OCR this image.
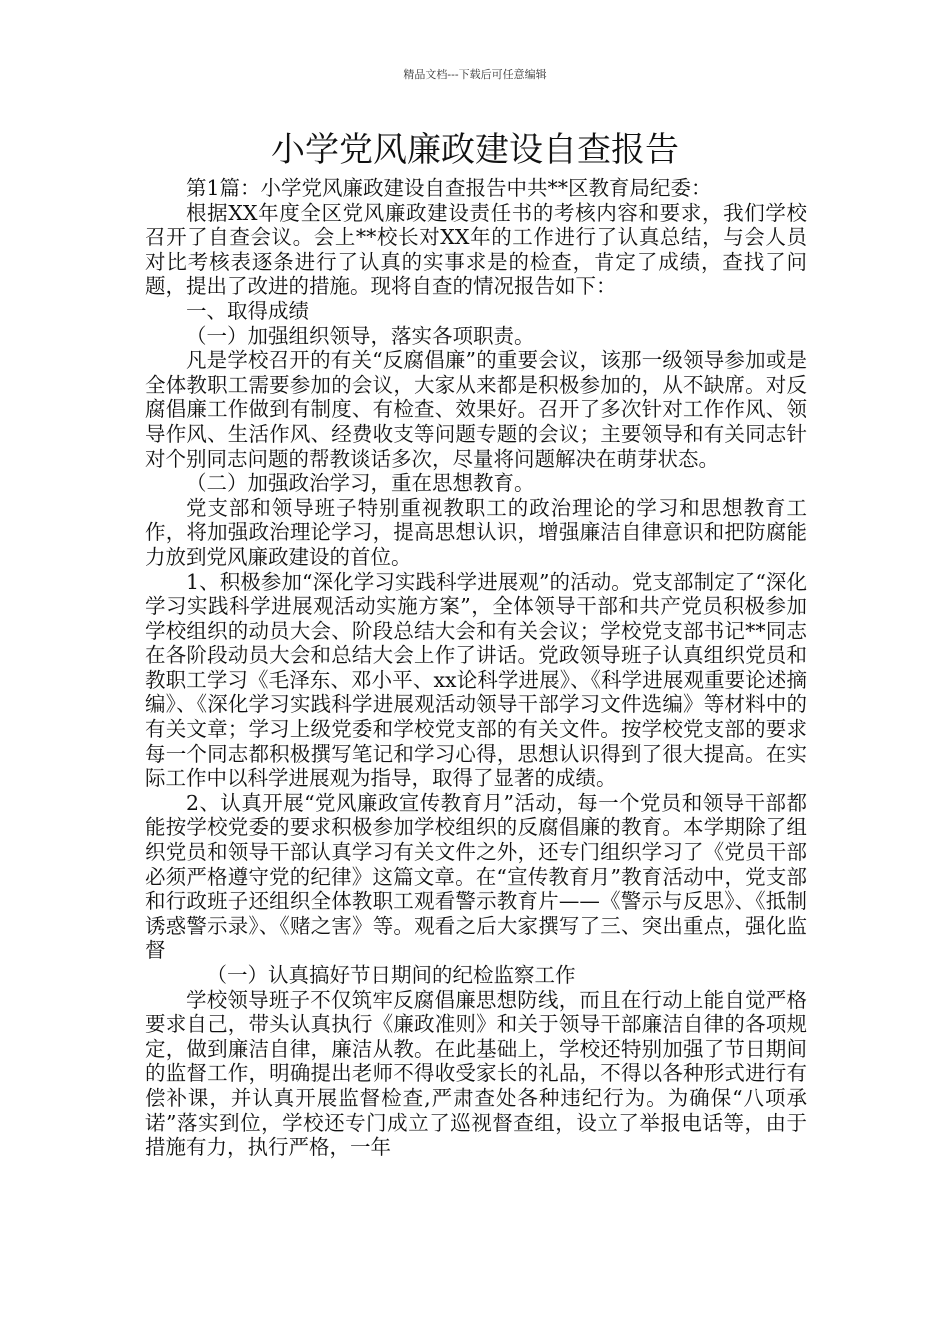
精品文档---下载后可任意编辑
小学党风廉政建设自查报告

第1篇：小学党风廉政建设自查报告中共**区教育局纪委：

根据XX年度全区党风廉政建设责任书的考核内容和要求，我们学校召开了自查会议。会上**校长对XX年的工作进行了认真总结，与会人员对比考核表逐条进行了认真的实事求是的检查，肯定了成绩，查找了问题，提出了改进的措施。现将自查的情况报告如下：

一、取得成绩

（一）加强组织领导，落实各项职责。

凡是学校召开的有关“反腐倡廉”的重要会议，该那一级领导参加或是全体教职工需要参加的会议，大家从来都是积极参加的，从不缺席。对反腐倡廉工作做到有制度、有检查、效果好。召开了多次针对工作作风、领导作风、生活作风、经费收支等问题专题的会议；主要领导和有关同志针对个别同志问题的帮教谈话多次，尽量将问题解决在萌芽状态。

（二）加强政治学习，重在思想教育。

党支部和领导班子特别重视教职工的政治理论的学习和思想教育工作，将加强政治理论学习，提高思想认识，增强廉洁自律意识和把防腐能力放到党风廉政建设的首位。

1、积极参加“深化学习实践科学进展观”的活动。党支部制定了“深化学习实践科学进展观活动实施方案”，全体领导干部和共产党员积极参加学校组织的动员大会、阶段总结大会和有关会议；学校党支部书记**同志在各阶段动员大会和总结大会上作了讲话。党政领导班子认真组织党员和教职工学习《毛泽东、邓小平、xx论科学进展》、《科学进展观重要论述摘编》、《深化学习实践科学进展观活动领导干部学习文件选编》等材料中的有关文章；学习上级党委和学校党支部的有关文件。按学校党支部的要求每一个同志都积极撰写笔记和学习心得，思想认识得到了很大提高。在实际工作中以科学进展观为指导，取得了显著的成绩。

2、认真开展“党风廉政宣传教育月”活动，每一个党员和领导干部都能按学校党委的要求积极参加学校组织的反腐倡廉的教育。本学期除了组织党员和领导干部认真学习有关文件之外，还专门组织学习了《党员干部必须严格遵守党的纪律》这篇文章。在“宣传教育月”教育活动中，党支部和行政班子还组织全体教职工观看警示教育片——《警示与反思》、《抵制诱惑警示录》、《赌之害》等。观看之后大家撰写了三、突出重点，强化监督

（一）认真搞好节日期间的纪检监察工作

学校领导班子不仅筑牢反腐倡廉思想防线，而且在行动上能自觉严格要求自己，带头认真执行《廉政准则》和关于领导干部廉洁自律的各项规定，做到廉洁自律，廉洁从教。在此基础上，学校还特别加强了节日期间的监督工作，明确提出老师不得收受家长的礼品，不得以各种形式进行有偿补课，并认真开展监督检查,严肃查处各种违纪行为。为确保“八项承诺”落实到位，学校还专门成立了巡视督查组，设立了举报电话等，由于措施有力，执行严格，一年
